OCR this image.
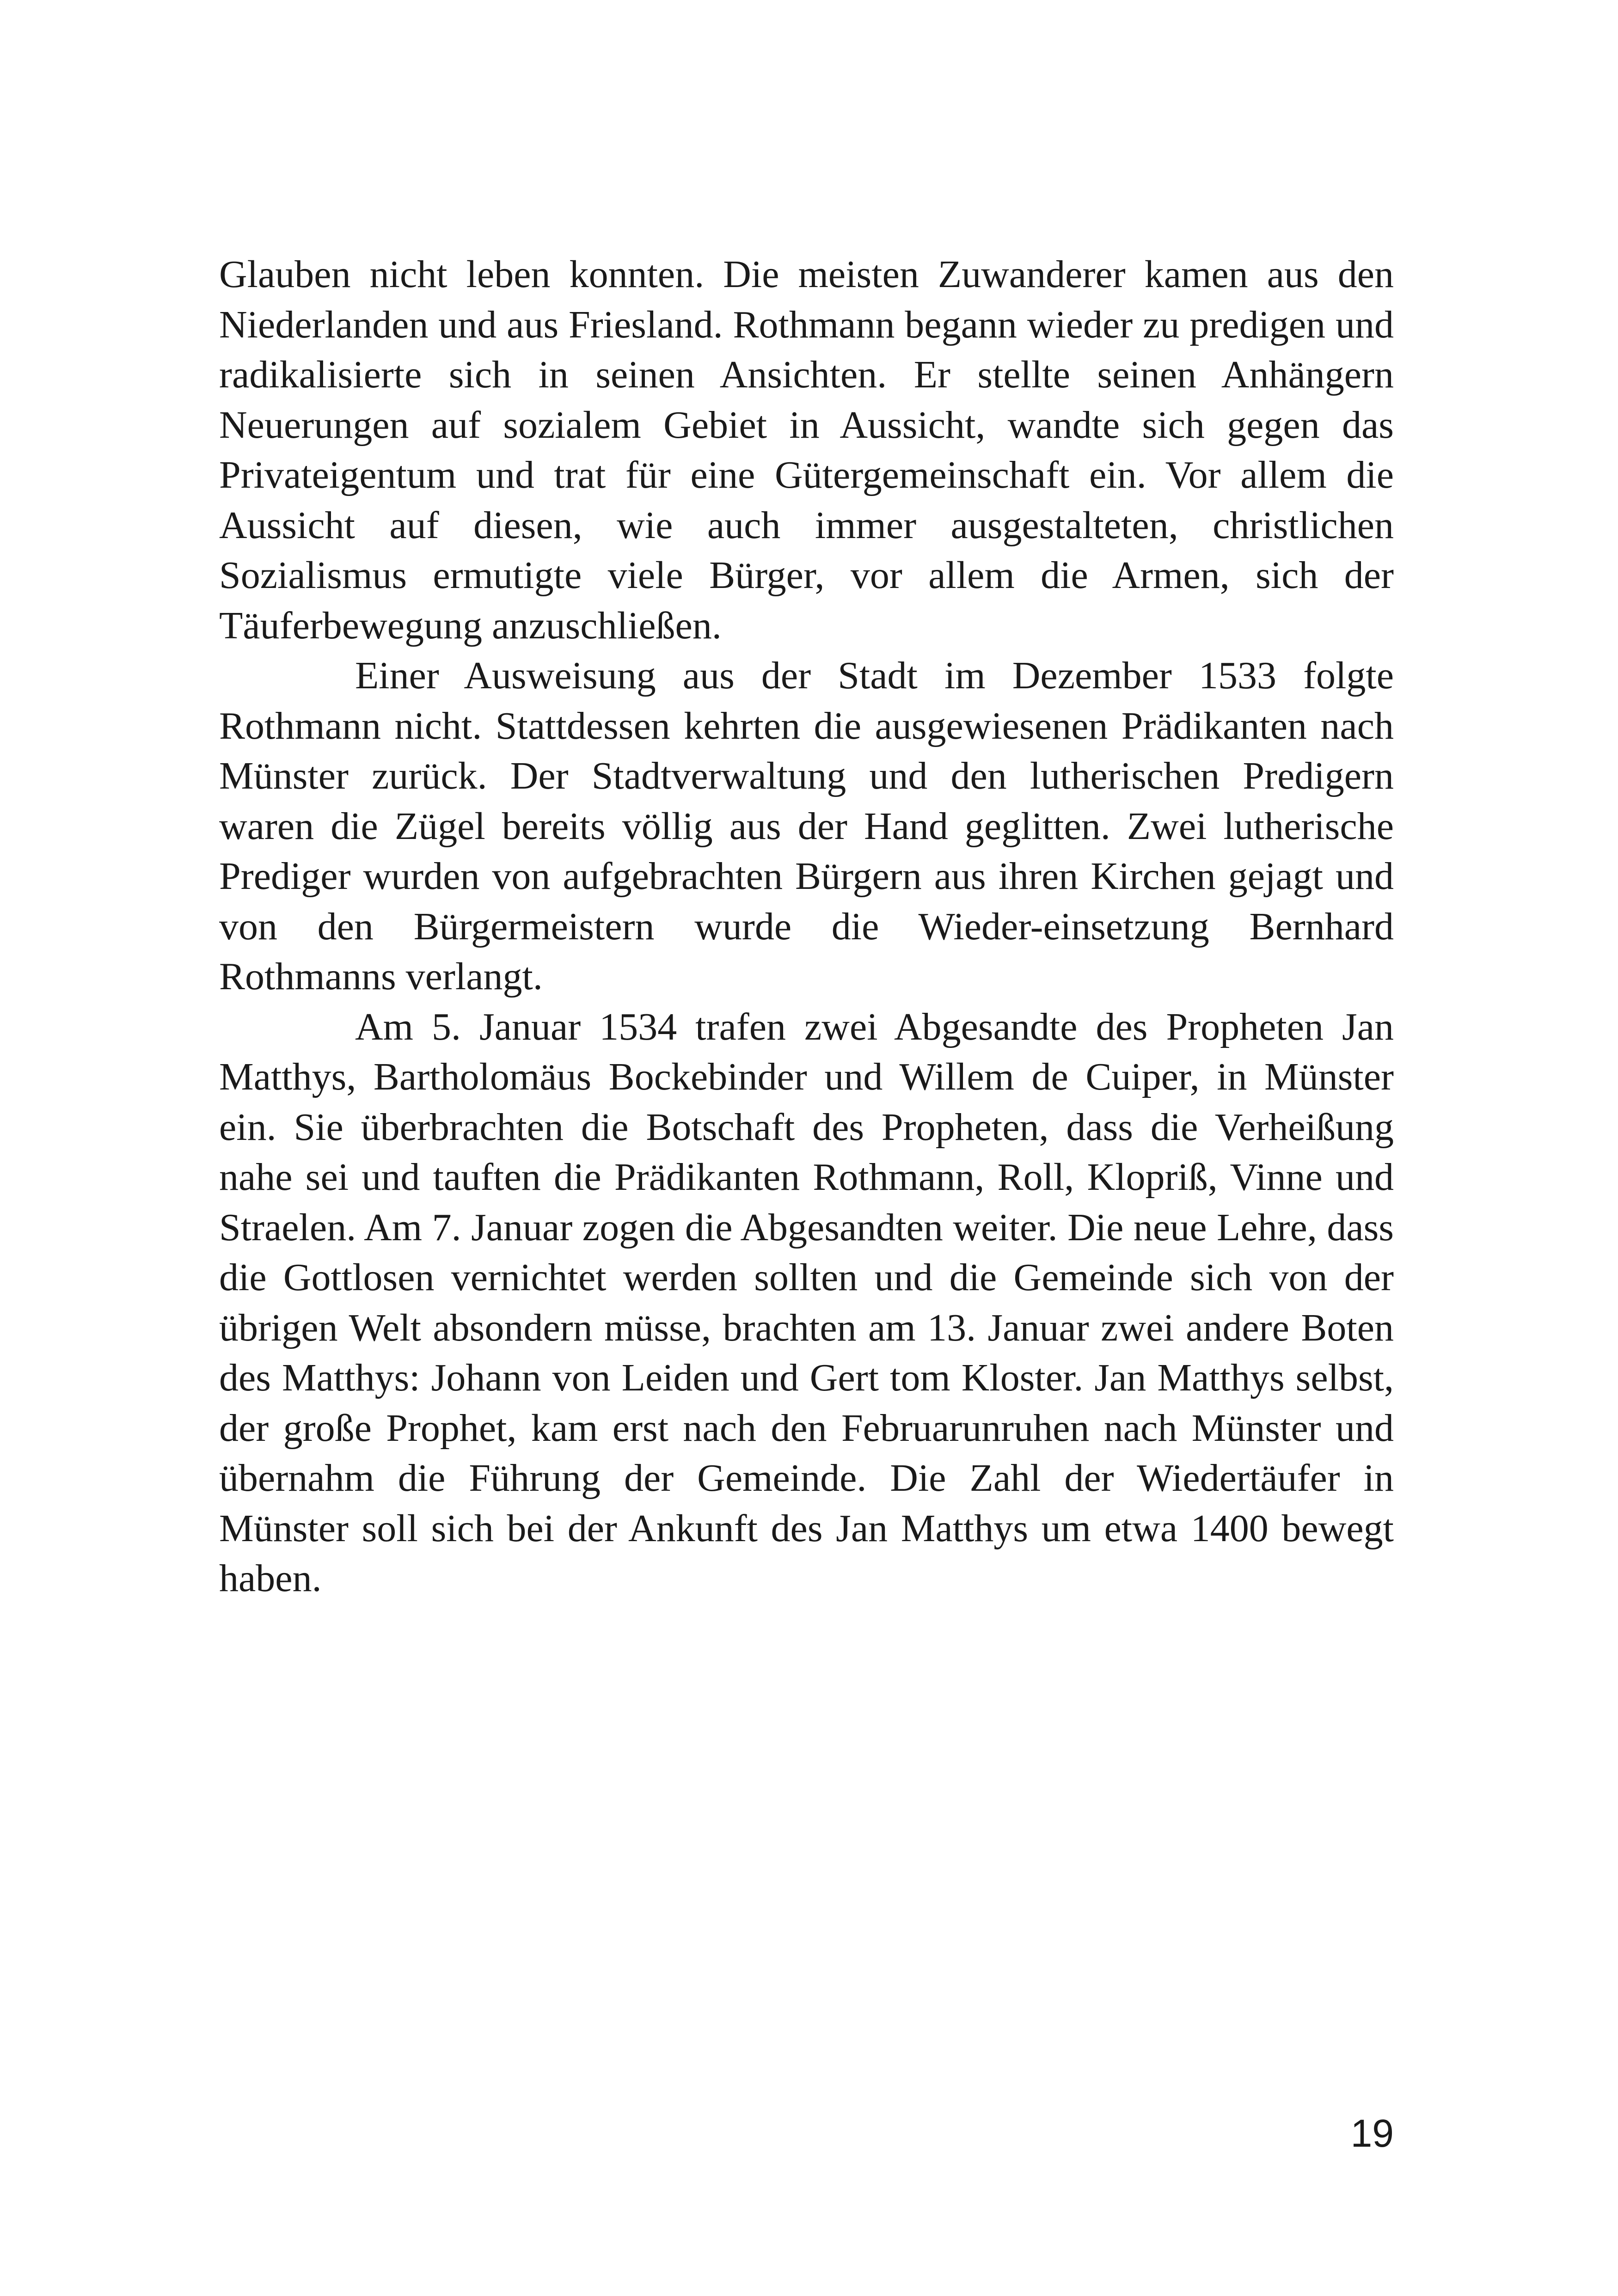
Glauben nicht leben konnten. Die meisten Zuwanderer kamen aus den Niederlanden und aus Friesland. Rothmann begann wieder zu predigen und radikalisierte sich in seinen Ansichten. Er stellte seinen Anhängern Neuerungen auf sozialem Gebiet in Aussicht, wandte sich gegen das Privateigentum und trat für eine Gütergemeinschaft ein. Vor allem die Aussicht auf diesen, wie auch immer ausgestalteten, christlichen Sozialismus ermutigte viele Bürger, vor allem die Armen, sich der Täuferbewegung anzuschließen.

Einer Ausweisung aus der Stadt im Dezember 1533 folgte Rothmann nicht. Stattdessen kehrten die ausgewiesenen Prädikanten nach Münster zurück. Der Stadtverwaltung und den lutherischen Predigern waren die Zügel bereits völlig aus der Hand geglitten. Zwei lutherische Prediger wurden von aufgebrachten Bürgern aus ihren Kirchen gejagt und von den Bürgermeistern wurde die Wieder-einsetzung Bernhard Rothmanns verlangt.

Am 5. Januar 1534 trafen zwei Abgesandte des Propheten Jan Matthys, Bartholomäus Bockebinder und Willem de Cuiper, in Münster ein. Sie überbrachten die Botschaft des Propheten, dass die Verheißung nahe sei und tauften die Prädikanten Rothmann, Roll, Klopriß, Vinne und Straelen. Am 7. Januar zogen die Abgesandten weiter. Die neue Lehre, dass die Gottlosen vernichtet werden sollten und die Gemeinde sich von der übrigen Welt absondern müsse, brachten am 13. Januar zwei andere Boten des Matthys: Johann von Leiden und Gert tom Kloster. Jan Matthys selbst, der große Prophet, kam erst nach den Februarunruhen nach Münster und übernahm die Führung der Gemeinde. Die Zahl der Wiedertäufer in Münster soll sich bei der Ankunft des Jan Matthys um etwa 1400 bewegt haben.

19
